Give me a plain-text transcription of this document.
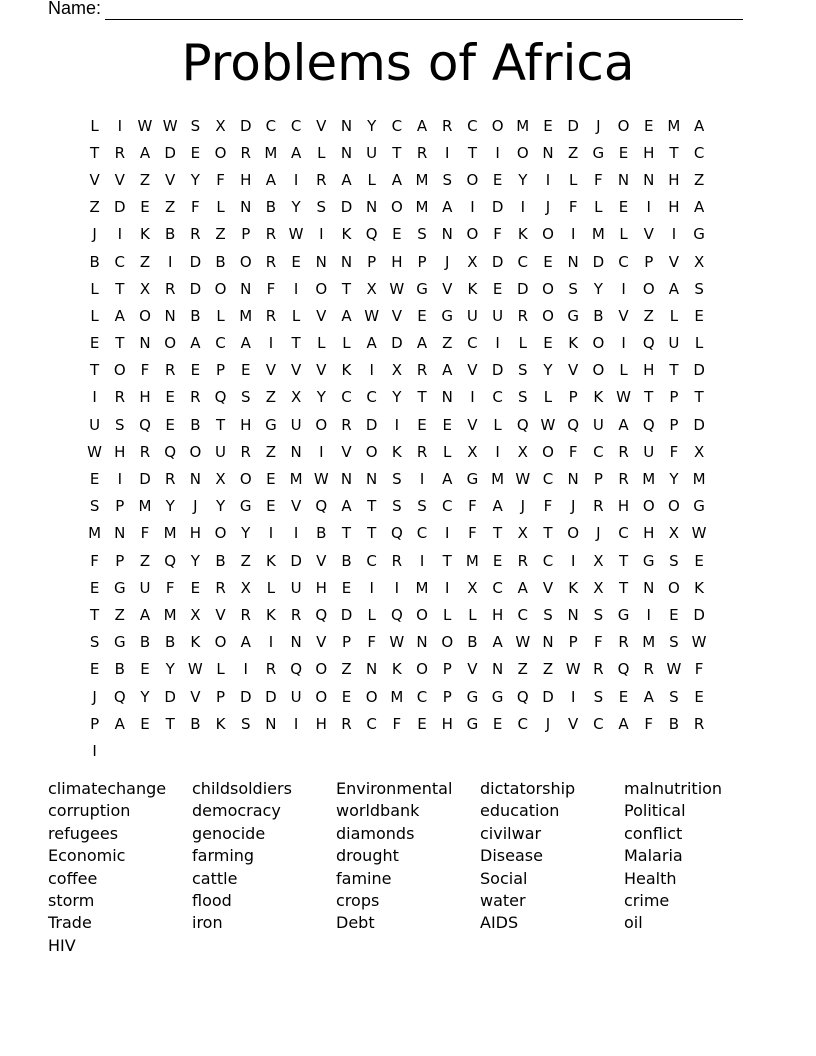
Name:
Problems of Africa
L	I	W W S	X D C C V N Y	C A R C O M E D	J	O E M A
T	R A D E O R M A	L	N U	T	R	I	T	I	O N Z G E H T	C
V V Z V	Y	F	H A	I	R A	L	A M S O E	Y	I	L	F	N N H Z
Z D E	Z	F	L	N B	Y	S D N O M A	I	D	I	J	F	L	E	I	H A
J	I	K	B R Z	P	R W	I	K Q E	S N O F	K O	I	M L	V	I	G
B C Z	I	D B O R	E N N	P	H	P	J	X D C	E N D C	P	V X
L	T	X R D O N	F	I	O T	X W G V	K	E D O S	Y	I	O A	S
L	A O N B	L M R	L	V A W V	E G U U R O G B V Z	L	E
E	T N O A C A	I	T	L	L	A D A Z C	I	L	E	K O	I	Q U	L
T O F	R	E	P	E	V V V	K	I	X R A V D S	Y	V O	L	H T D
I	R H E	R Q S	Z X	Y	C C	Y	T N	I	C	S	L	P	K W T	P	T
U S Q E	B	T H G U O R D	I	E	E	V	L	Q W Q U A Q P D
W H R Q O U R Z N	I	V O K	R	L	X	I	X O F	C R U	F	X
E	I	D R N X O E M W N N S	I	A G M W C N	P	R M Y M
S	P M Y	J	Y G E	V Q A	T	S	S	C	F	A	J	F	J	R H O O G
M N	F M H O Y	I	I	B	T	T Q C	I	F	T	X	T O	J	C H X W
F	P	Z Q Y	B Z	K D V B C R	I	T M E	R C	I	X	T G S	E
E G U	F	E	R X	L	U H E	I	I	M	I	X C A V	K	X	T N O K
T	Z A M X V R	K	R Q D	L	Q O	L	L	H C	S N S G	I	E D
S G B B	K O A	I	N V	P	F W N O B A W N	P	F	R M S W
E	B	E	Y W L	I	R Q O Z N K O P	V N Z Z W R Q R W F
J	Q Y D V	P D D U O E O M C	P G G Q D	I	S	E	A	S	E
P	A	E	T	B	K	S N	I	H R C	F	E H G E	C	J	V C A	F	B R
I
climatechange	childsoldiers	Environmental	dictatorship	malnutrition
corruption	democracy	worldbank	education	Political
refugees	genocide	diamonds	civilwar	conflict
Economic	farming	drought	Disease	Malaria
coffee	cattle	famine	Social	Health
storm	flood	crops	water	crime
Trade	iron	Debt	AIDS	oil
HIV
